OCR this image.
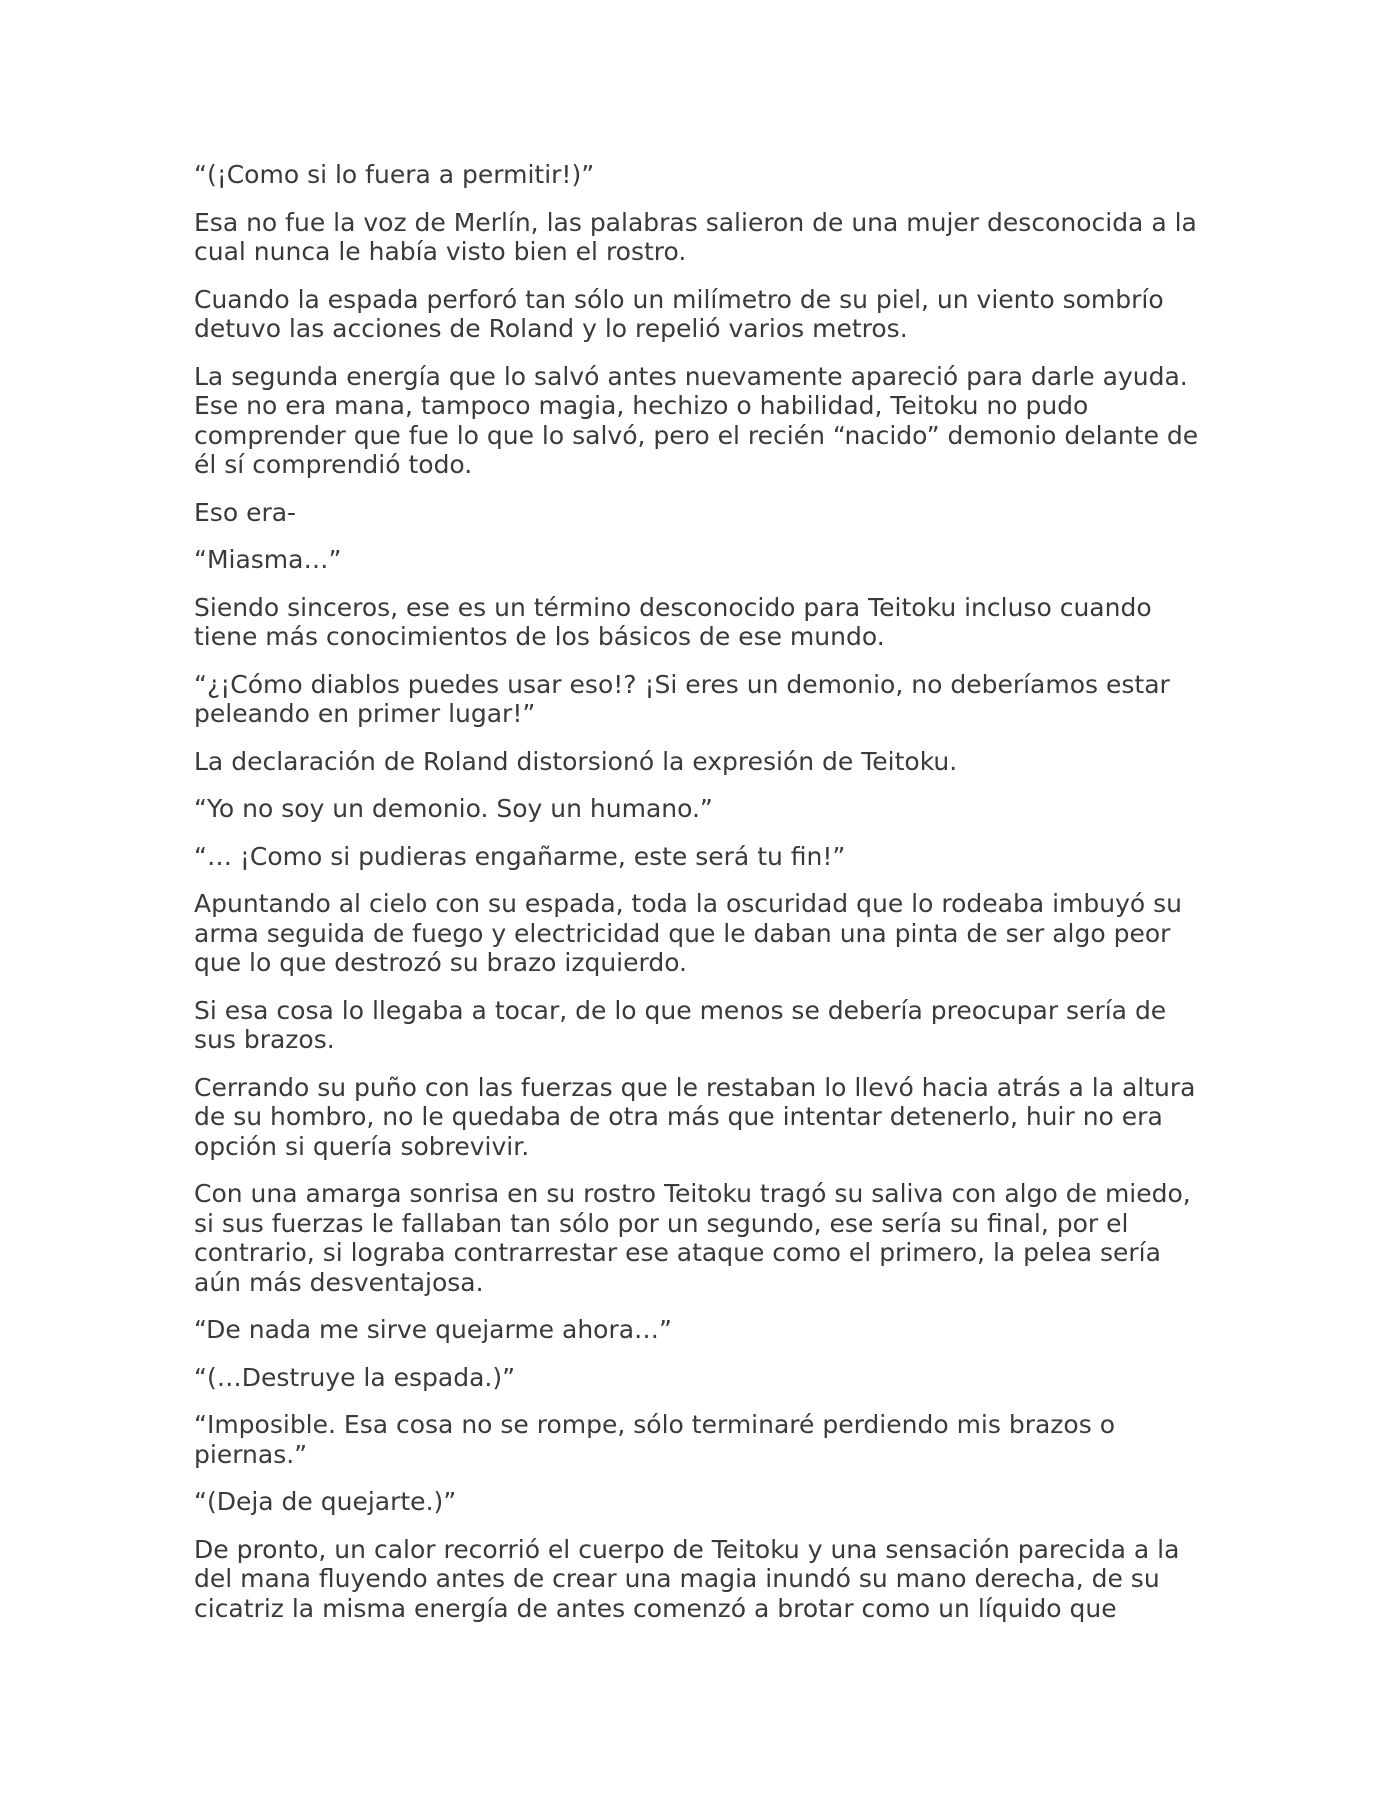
“(¡Como si lo fuera a permitir!)”

Esa no fue la voz de Merlín, las palabras salieron de una mujer desconocida a la cual nunca le había visto bien el rostro.

Cuando la espada perforó tan sólo un milímetro de su piel, un viento sombrío detuvo las acciones de Roland y lo repelió varios metros.

La segunda energía que lo salvó antes nuevamente apareció para darle ayuda. Ese no era mana, tampoco magia, hechizo o habilidad, Teitoku no pudo comprender que fue lo que lo salvó, pero el recién “nacido” demonio delante de él sí comprendió todo.

Eso era-

“Miasma…”

Siendo sinceros, ese es un término desconocido para Teitoku incluso cuando tiene más conocimientos de los básicos de ese mundo.

“¿¡Cómo diablos puedes usar eso!? ¡Si eres un demonio, no deberíamos estar peleando en primer lugar!”

La declaración de Roland distorsionó la expresión de Teitoku.

“Yo no soy un demonio. Soy un humano.”

“… ¡Como si pudieras engañarme, este será tu fin!”

Apuntando al cielo con su espada, toda la oscuridad que lo rodeaba imbuyó su arma seguida de fuego y electricidad que le daban una pinta de ser algo peor que lo que destrozó su brazo izquierdo.

Si esa cosa lo llegaba a tocar, de lo que menos se debería preocupar sería de sus brazos.

Cerrando su puño con las fuerzas que le restaban lo llevó hacia atrás a la altura de su hombro, no le quedaba de otra más que intentar detenerlo, huir no era opción si quería sobrevivir.

Con una amarga sonrisa en su rostro Teitoku tragó su saliva con algo de miedo, si sus fuerzas le fallaban tan sólo por un segundo, ese sería su final, por el contrario, si lograba contrarrestar ese ataque como el primero, la pelea sería aún más desventajosa.

“De nada me sirve quejarme ahora…”

“(…Destruye la espada.)”

“Imposible. Esa cosa no se rompe, sólo terminaré perdiendo mis brazos o piernas.”

“(Deja de quejarte.)”

De pronto, un calor recorrió el cuerpo de Teitoku y una sensación parecida a la del mana fluyendo antes de crear una magia inundó su mano derecha, de su cicatriz la misma energía de antes comenzó a brotar como un líquido que
